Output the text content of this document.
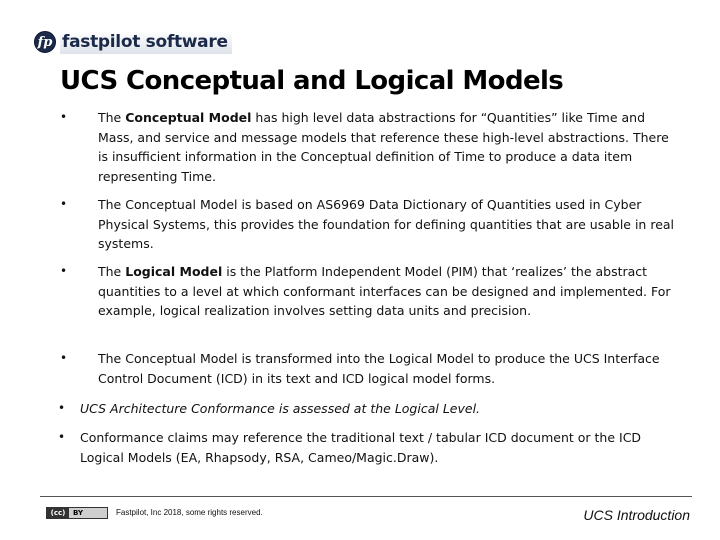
fp fastpilot software
UCS Conceptual and Logical Models
• The Conceptual Model has high level data abstractions for “Quantities” like Time and Mass, and service and message models that reference these high-level abstractions. There is insufficient information in the Conceptual definition of Time to produce a data item representing Time.
• The Conceptual Model is based on AS6969 Data Dictionary of Quantities used in Cyber Physical Systems, this provides the foundation for defining quantities that are usable in real systems.
• The Logical Model is the Platform Independent Model (PIM) that ‘realizes’ the abstract quantities to a level at which conformant interfaces can be designed and implemented. For example, logical realization involves setting data units and precision.
• The Conceptual Model is transformed into the Logical Model to produce the UCS Interface Control Document (ICD) in its text and ICD logical model forms.
• UCS Architecture Conformance is assessed at the Logical Level.
• Conformance claims may reference the traditional text / tabular ICD document or the ICD Logical Models (EA, Rhapsody, RSA, Cameo/Magic.Draw).
(cc)	BY	Fastpilot, Inc 2018, some rights reserved.	UCS Introduction
